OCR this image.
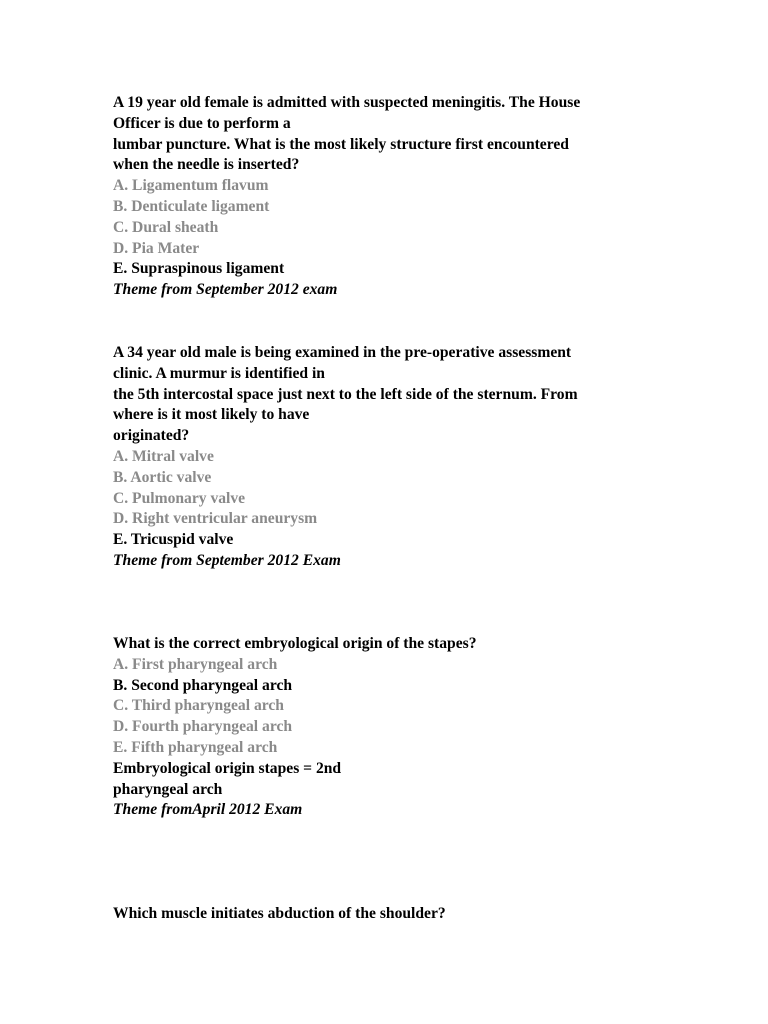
A 19 year old female is admitted with suspected meningitis. The House
Officer is due to perform a
lumbar puncture. What is the most likely structure first encountered
when the needle is inserted?
A. Ligamentum flavum
B. Denticulate ligament
C. Dural sheath
D. Pia Mater
E. Supraspinous ligament
Theme from September 2012 exam
A 34 year old male is being examined in the pre-operative assessment
clinic. A murmur is identified in
the 5th intercostal space just next to the left side of the sternum. From
where is it most likely to have
originated?
A. Mitral valve
B. Aortic valve
C. Pulmonary valve
D. Right ventricular aneurysm
E. Tricuspid valve
Theme from September 2012 Exam
What is the correct embryological origin of the stapes?
A. First pharyngeal arch
B. Second pharyngeal arch
C. Third pharyngeal arch
D. Fourth pharyngeal arch
E. Fifth pharyngeal arch
Embryological origin stapes = 2nd
pharyngeal arch
Theme fromApril 2012 Exam
Which muscle initiates abduction of the shoulder?
